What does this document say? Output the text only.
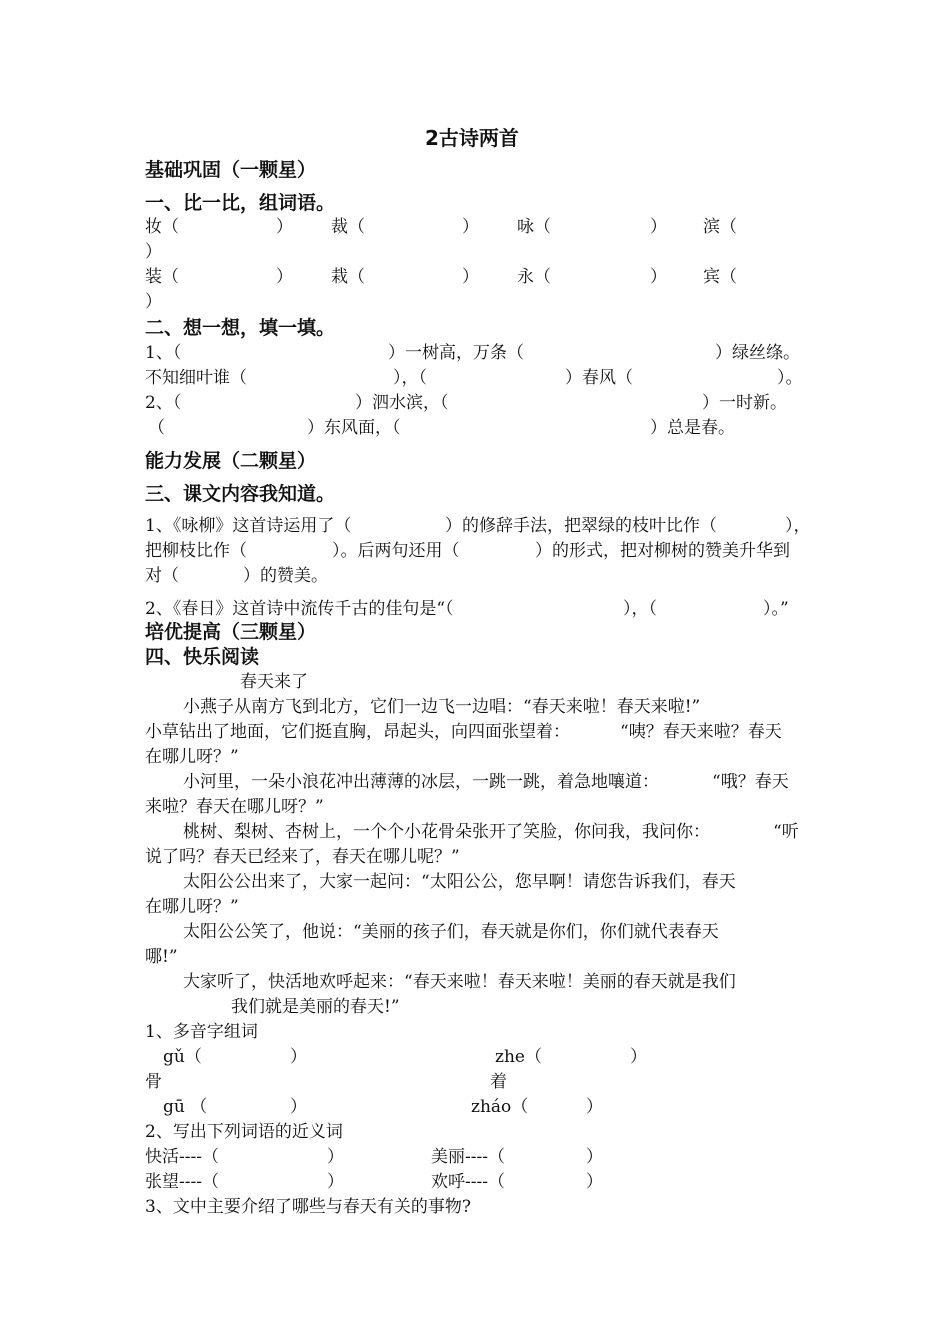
2古诗两首
基础巩固（一颗星）
一、比一比，组词语。
妆（	） 裁（	） 咏（	） 滨（
）
装（	） 栽（	） 永（	） 宾（
）
二、想一想，填一填。
1、（	）一树高，万条（	）绿丝绦。
不知细叶谁（	），（	）春风（	）。
2、（	）泗水滨，（	）一时新。
（	）东风面，（	）总是春。
能力发展（二颗星）
三、课文内容我知道。
1、《咏柳》这首诗运用了（	）的修辞手法，把翠绿的枝叶比作（	），
把柳枝比作（	）。后两句还用（	）的形式，把对柳树的赞美升华到
对（	）的赞美。
2、《春日》这首诗中流传千古的佳句是“（	），（	）。”
培优提高（三颗星）
四、快乐阅读
春天来了
小燕子从南方飞到北方，它们一边飞一边唱：“春天来啦！春天来啦!”
小草钻出了地面，它们挺直胸，昂起头，向四面张望着：	“咦？春天来啦？春天
在哪儿呀？”
小河里，一朵小浪花冲出薄薄的冰层，一跳一跳，着急地嚷道：	“哦？春天
来啦？春天在哪儿呀？”
桃树、梨树、杏树上，一个个小花骨朵张开了笑脸，你问我，我问你：	“听
说了吗？春天已经来了，春天在哪儿呢？”
太阳公公出来了，大家一起问：“太阳公公，您早啊！请您告诉我们，春天
在哪儿呀？”
太阳公公笑了，他说：“美丽的孩子们，春天就是你们，你们就代表春天
哪!”
大家听了，快活地欢呼起来：“春天来啦！春天来啦！美丽的春天就是我们
我们就是美丽的春天!”
1、多音字组词
gǔ（	）	zhe（	）
骨	着
gū （	）	zháo（	）
2、写出下列词语的近义词
快活----（	）	美丽----（	）
张望----（	）	欢呼----（	）
3、文中主要介绍了哪些与春天有关的事物?
